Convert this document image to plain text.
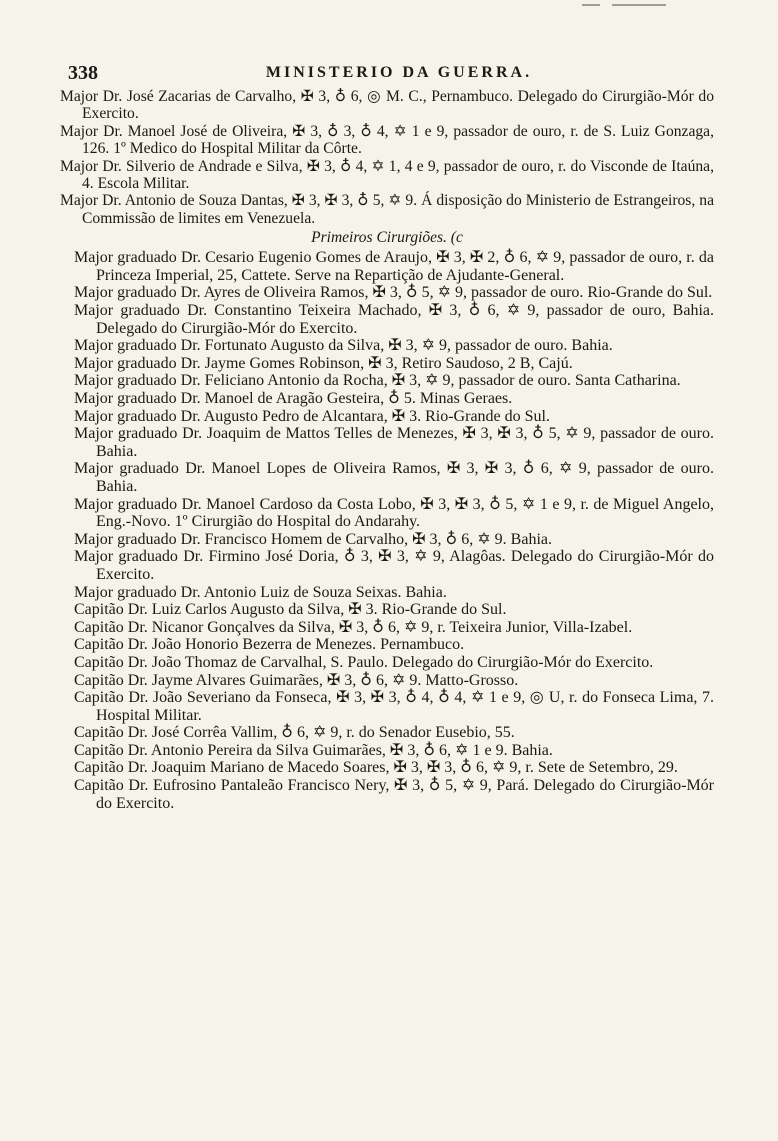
338	MINISTERIO DA GUERRA.

Major Dr. José Zacarias de Carvalho, ✠ 3, ♁ 6, ◎ M. C., Pernambuco. Delegado do Cirurgião-Mór do Exercito.

Major Dr. Manoel José de Oliveira, ✠ 3, ♁ 3, ♁ 4, ✡ 1 e 9, passador de ouro, r. de S. Luiz Gonzaga, 126. 1º Medico do Hospital Militar da Côrte.

Major Dr. Silverio de Andrade e Silva, ✠ 3, ♁ 4, ✡ 1, 4 e 9, passador de ouro, r. do Visconde de Itaúna, 4. Escola Militar.

Major Dr. Antonio de Souza Dantas, ✠ 3, ✠ 3, ♁ 5, ✡ 9. Á disposição do Ministerio de Estrangeiros, na Commissão de limites em Venezuela.

Primeiros Cirurgiões. (c

Major graduado Dr. Cesario Eugenio Gomes de Araujo, ✠ 3, ✠ 2, ♁ 6, ✡ 9, passador de ouro, r. da Princeza Imperial, 25, Cattete. Serve na Repartição de Ajudante-General.

Major graduado Dr. Ayres de Oliveira Ramos, ✠ 3, ♁ 5, ✡ 9, passador de ouro. Rio-Grande do Sul.

Major graduado Dr. Constantino Teixeira Machado, ✠ 3, ♁ 6, ✡ 9, passador de ouro, Bahia. Delegado do Cirurgião-Mór do Exercito.

Major graduado Dr. Fortunato Augusto da Silva, ✠ 3, ✡ 9, passador de ouro. Bahia.

Major graduado Dr. Jayme Gomes Robinson, ✠ 3, Retiro Saudoso, 2 B, Cajú.

Major graduado Dr. Feliciano Antonio da Rocha, ✠ 3, ✡ 9, passador de ouro. Santa Catharina.

Major graduado Dr. Manoel de Aragão Gesteira, ♁ 5. Minas Geraes.

Major graduado Dr. Augusto Pedro de Alcantara, ✠ 3. Rio-Grande do Sul.

Major graduado Dr. Joaquim de Mattos Telles de Menezes, ✠ 3, ✠ 3, ♁ 5, ✡ 9, passador de ouro. Bahia.

Major graduado Dr. Manoel Lopes de Oliveira Ramos, ✠ 3, ✠ 3, ♁ 6, ✡ 9, passador de ouro. Bahia.

Major graduado Dr. Manoel Cardoso da Costa Lobo, ✠ 3, ✠ 3, ♁ 5, ✡ 1 e 9, r. de Miguel Angelo, Eng.-Novo. 1º Cirurgião do Hospital do Andarahy.

Major graduado Dr. Francisco Homem de Carvalho, ✠ 3, ♁ 6, ✡ 9. Bahia.

Major graduado Dr. Firmino José Doria, ♁ 3, ✠ 3, ✡ 9, Alagôas. Delegado do Cirurgião-Mór do Exercito.

Major graduado Dr. Antonio Luiz de Souza Seixas. Bahia.

Capitão Dr. Luiz Carlos Augusto da Silva, ✠ 3. Rio-Grande do Sul.

Capitão Dr. Nicanor Gonçalves da Silva, ✠ 3, ♁ 6, ✡ 9, r. Teixeira Junior, Villa-Izabel.

Capitão Dr. João Honorio Bezerra de Menezes. Pernambuco.

Capitão Dr. João Thomaz de Carvalhal, S. Paulo. Delegado do Cirurgião-Mór do Exercito.

Capitão Dr. Jayme Alvares Guimarães, ✠ 3, ♁ 6, ✡ 9. Matto-Grosso.

Capitão Dr. João Severiano da Fonseca, ✠ 3, ✠ 3, ♁ 4, ♁ 4, ✡ 1 e 9, ◎ U, r. do Fonseca Lima, 7. Hospital Militar.

Capitão Dr. José Corrêa Vallim, ♁ 6, ✡ 9, r. do Senador Eusebio, 55.

Capitão Dr. Antonio Pereira da Silva Guimarães, ✠ 3, ♁ 6, ✡ 1 e 9. Bahia.

Capitão Dr. Joaquim Mariano de Macedo Soares, ✠ 3, ✠ 3, ♁ 6, ✡ 9, r. Sete de Setembro, 29.

Capitão Dr. Eufrosino Pantaleão Francisco Nery, ✠ 3, ♁ 5, ✡ 9, Pará. Delegado do Cirurgião-Mór do Exercito.
